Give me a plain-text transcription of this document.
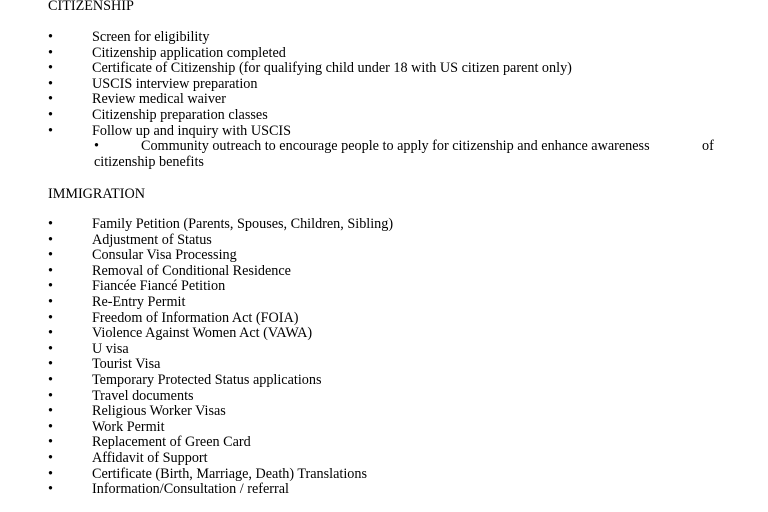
CITIZENSHIP
•	Screen for eligibility
•	Citizenship application completed
•	Certificate of Citizenship (for qualifying child under 18 with US citizen parent only)
•	USCIS interview preparation
•	Review medical waiver
•	Citizenship preparation classes
•	Follow up and inquiry with USCIS
•	Community outreach to encourage people to apply for citizenship and enhance awareness	of
citizenship benefits
IMMIGRATION
•	Family Petition (Parents, Spouses, Children, Sibling)
•	Adjustment of Status
•	Consular Visa Processing
•	Removal of Conditional Residence
•	Fiancée Fiancé Petition
•	Re-Entry Permit
•	Freedom of Information Act (FOIA)
•	Violence Against Women Act (VAWA)
•	U visa
•	Tourist Visa
•	Temporary Protected Status applications
•	Travel documents
•	Religious Worker Visas
•	Work Permit
•	Replacement of Green Card
•	Affidavit of Support
•	Certificate (Birth, Marriage, Death) Translations
•	Information/Consultation / referral
